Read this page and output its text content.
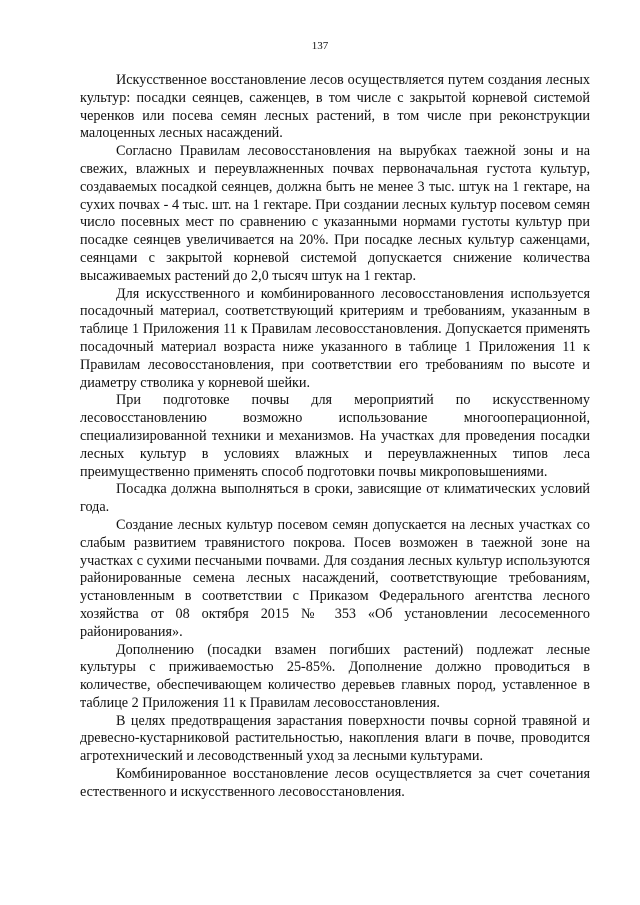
137

Искусственное восстановление лесов осуществляется путем создания лесных культур: посадки сеянцев, саженцев, в том числе с закрытой корневой системой черенков или посева семян лесных растений, в том числе при реконструкции малоценных лесных насаждений.

Согласно Правилам лесовосстановления на вырубках таежной зоны и на свежих, влажных и переувлажненных почвах первоначальная густота культур, создаваемых посадкой сеянцев, должна быть не менее 3 тыс. штук на 1 гектаре, на сухих почвах - 4 тыс. шт. на 1 гектаре. При создании лесных культур посевом семян число посевных мест по сравнению с указанными нормами густоты культур при посадке сеянцев увеличивается на 20%. При посадке лесных культур саженцами, сеянцами с закрытой корневой системой допускается снижение количества высаживаемых растений до 2,0 тысяч штук на 1 гектар.

Для искусственного и комбинированного лесовосстановления используется посадочный материал, соответствующий критериям и требованиям, указанным в таблице 1 Приложения 11 к Правилам лесовосстановления. Допускается применять посадочный материал возраста ниже указанного в таблице 1 Приложения 11 к Правилам лесовосстановления, при соответствии его требованиям по высоте и диаметру стволика у корневой шейки.

При подготовке почвы для мероприятий по искусственному лесовосстановлению возможно использование многооперационной, специализированной техники и механизмов. На участках для проведения посадки лесных культур в условиях влажных и переувлажненных типов леса преимущественно применять способ подготовки почвы микроповышениями.

Посадка должна выполняться в сроки, зависящие от климатических условий года.

Создание лесных культур посевом семян допускается на лесных участках со слабым развитием травянистого покрова. Посев возможен в таежной зоне на участках с сухими песчаными почвами. Для создания лесных культур используются районированные семена лесных насаждений, соответствующие требованиям, установленным в соответствии с Приказом Федерального агентства лесного хозяйства от 08 октября 2015 № 353 «Об установлении лесосеменного районирования».

Дополнению (посадки взамен погибших растений) подлежат лесные культуры с приживаемостью 25-85%. Дополнение должно проводиться в количестве, обеспечивающем количество деревьев главных пород, уставленное в таблице 2 Приложения 11 к Правилам лесовосстановления.

В целях предотвращения зарастания поверхности почвы сорной травяной и древесно-кустарниковой растительностью, накопления влаги в почве, проводится агротехнический и лесоводственный уход за лесными культурами.

Комбинированное восстановление лесов осуществляется за счет сочетания естественного и искусственного лесовосстановления.
